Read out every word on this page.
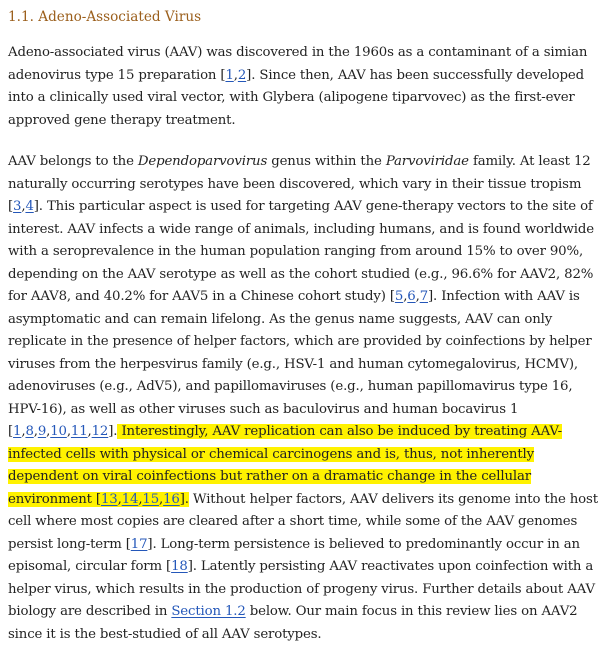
1.1. Adeno-Associated Virus

Adeno-associated virus (AAV) was discovered in the 1960s as a contaminant of a simian adenovirus type 15 preparation [1,2]. Since then, AAV has been successfully developed into a clinically used viral vector, with Glybera (alipogene tiparvovec) as the first-ever approved gene therapy treatment.

AAV belongs to the Dependoparvovirus genus within the Parvoviridae family. At least 12 naturally occurring serotypes have been discovered, which vary in their tissue tropism [3,4]. This particular aspect is used for targeting AAV gene-therapy vectors to the site of interest. AAV infects a wide range of animals, including humans, and is found worldwide with a seroprevalence in the human population ranging from around 15% to over 90%, depending on the AAV serotype as well as the cohort studied (e.g., 96.6% for AAV2, 82% for AAV8, and 40.2% for AAV5 in a Chinese cohort study) [5,6,7]. Infection with AAV is asymptomatic and can remain lifelong. As the genus name suggests, AAV can only replicate in the presence of helper factors, which are provided by coinfections by helper viruses from the herpesvirus family (e.g., HSV-1 and human cytomegalovirus, HCMV), adenoviruses (e.g., AdV5), and papillomaviruses (e.g., human papillomavirus type 16, HPV-16), as well as other viruses such as baculovirus and human bocavirus 1 [1,8,9,10,11,12]. Interestingly, AAV replication can also be induced by treating AAV-infected cells with physical or chemical carcinogens and is, thus, not inherently dependent on viral coinfections but rather on a dramatic change in the cellular environment [13,14,15,16]. Without helper factors, AAV delivers its genome into the host cell where most copies are cleared after a short time, while some of the AAV genomes persist long-term [17]. Long-term persistence is believed to predominantly occur in an episomal, circular form [18]. Latently persisting AAV reactivates upon coinfection with a helper virus, which results in the production of progeny virus. Further details about AAV biology are described in Section 1.2 below. Our main focus in this review lies on AAV2 since it is the best-studied of all AAV serotypes.
